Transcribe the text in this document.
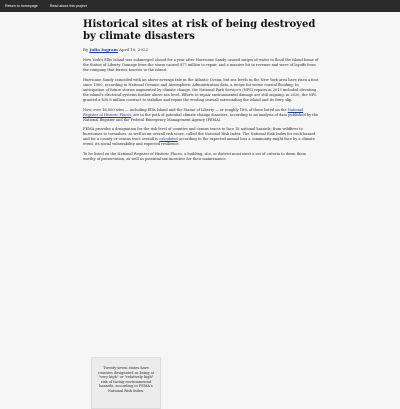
Return to homepage	Read about this project
Historical sites at risk of being destroyed by climate disasters
By Julia Ingram April 10, 2022

New York's Ellis Island was submerged closed for a year after Hurricane Sandy caused surges of water to flood the island home of the Statue of Liberty. Damage from the storm caused $77 million to repair, and a massive hit in revenue and wave of layoffs from the company that ferries tourists to the island.

Hurricane Sandy coincided with an above-average tide in the Atlantic Ocean, but sea levels in the New York area have risen a foot since 1900, according to National Oceanic and Atmospheric Administration data, a recipe for worse coastal flooding. In anticipation of future storms augmented by climate change, the National Park Service's (NPS) repairs in 2013 included elevating the island's electrical systems further above sea level. Efforts to repair environmental damage are still ongoing: in 2020, the NPS granted a $30.8 million contract to stabilize and repair the eroding seawall surrounding the island and its ferry slip.

Now, over 16,500 sites — including Ellis Island and the Statue of Liberty — or roughly 18% of those listed on the National Register of Historic Places, are in the path of potential climate change disasters, according to an analysis of data published by the National Register and the Federal Emergency Management Agency (FEMA).

FEMA provides a designation for the risk level of counties and census tracts to face 18 national hazards, from wildfires to hurricanes to tornadoes, as well as an overall risk score, called the National Risk Index. The National Risk Index for each hazard and for a county or census tract overall is calculated according to the expected annual loss a community might face by a climate event, its social vulnerability and expected resilience.

To be listed on the National Register of Historic Places, a building, site, or district must meet a set of criteria to deem them worthy of preservation, as well as potential tax incentive for their maintenance.

Twenty-seven states have counties designated as being at "very high" or "relatively high" risk of facing environmental hazards, according to FEMA's National Risk Index.
